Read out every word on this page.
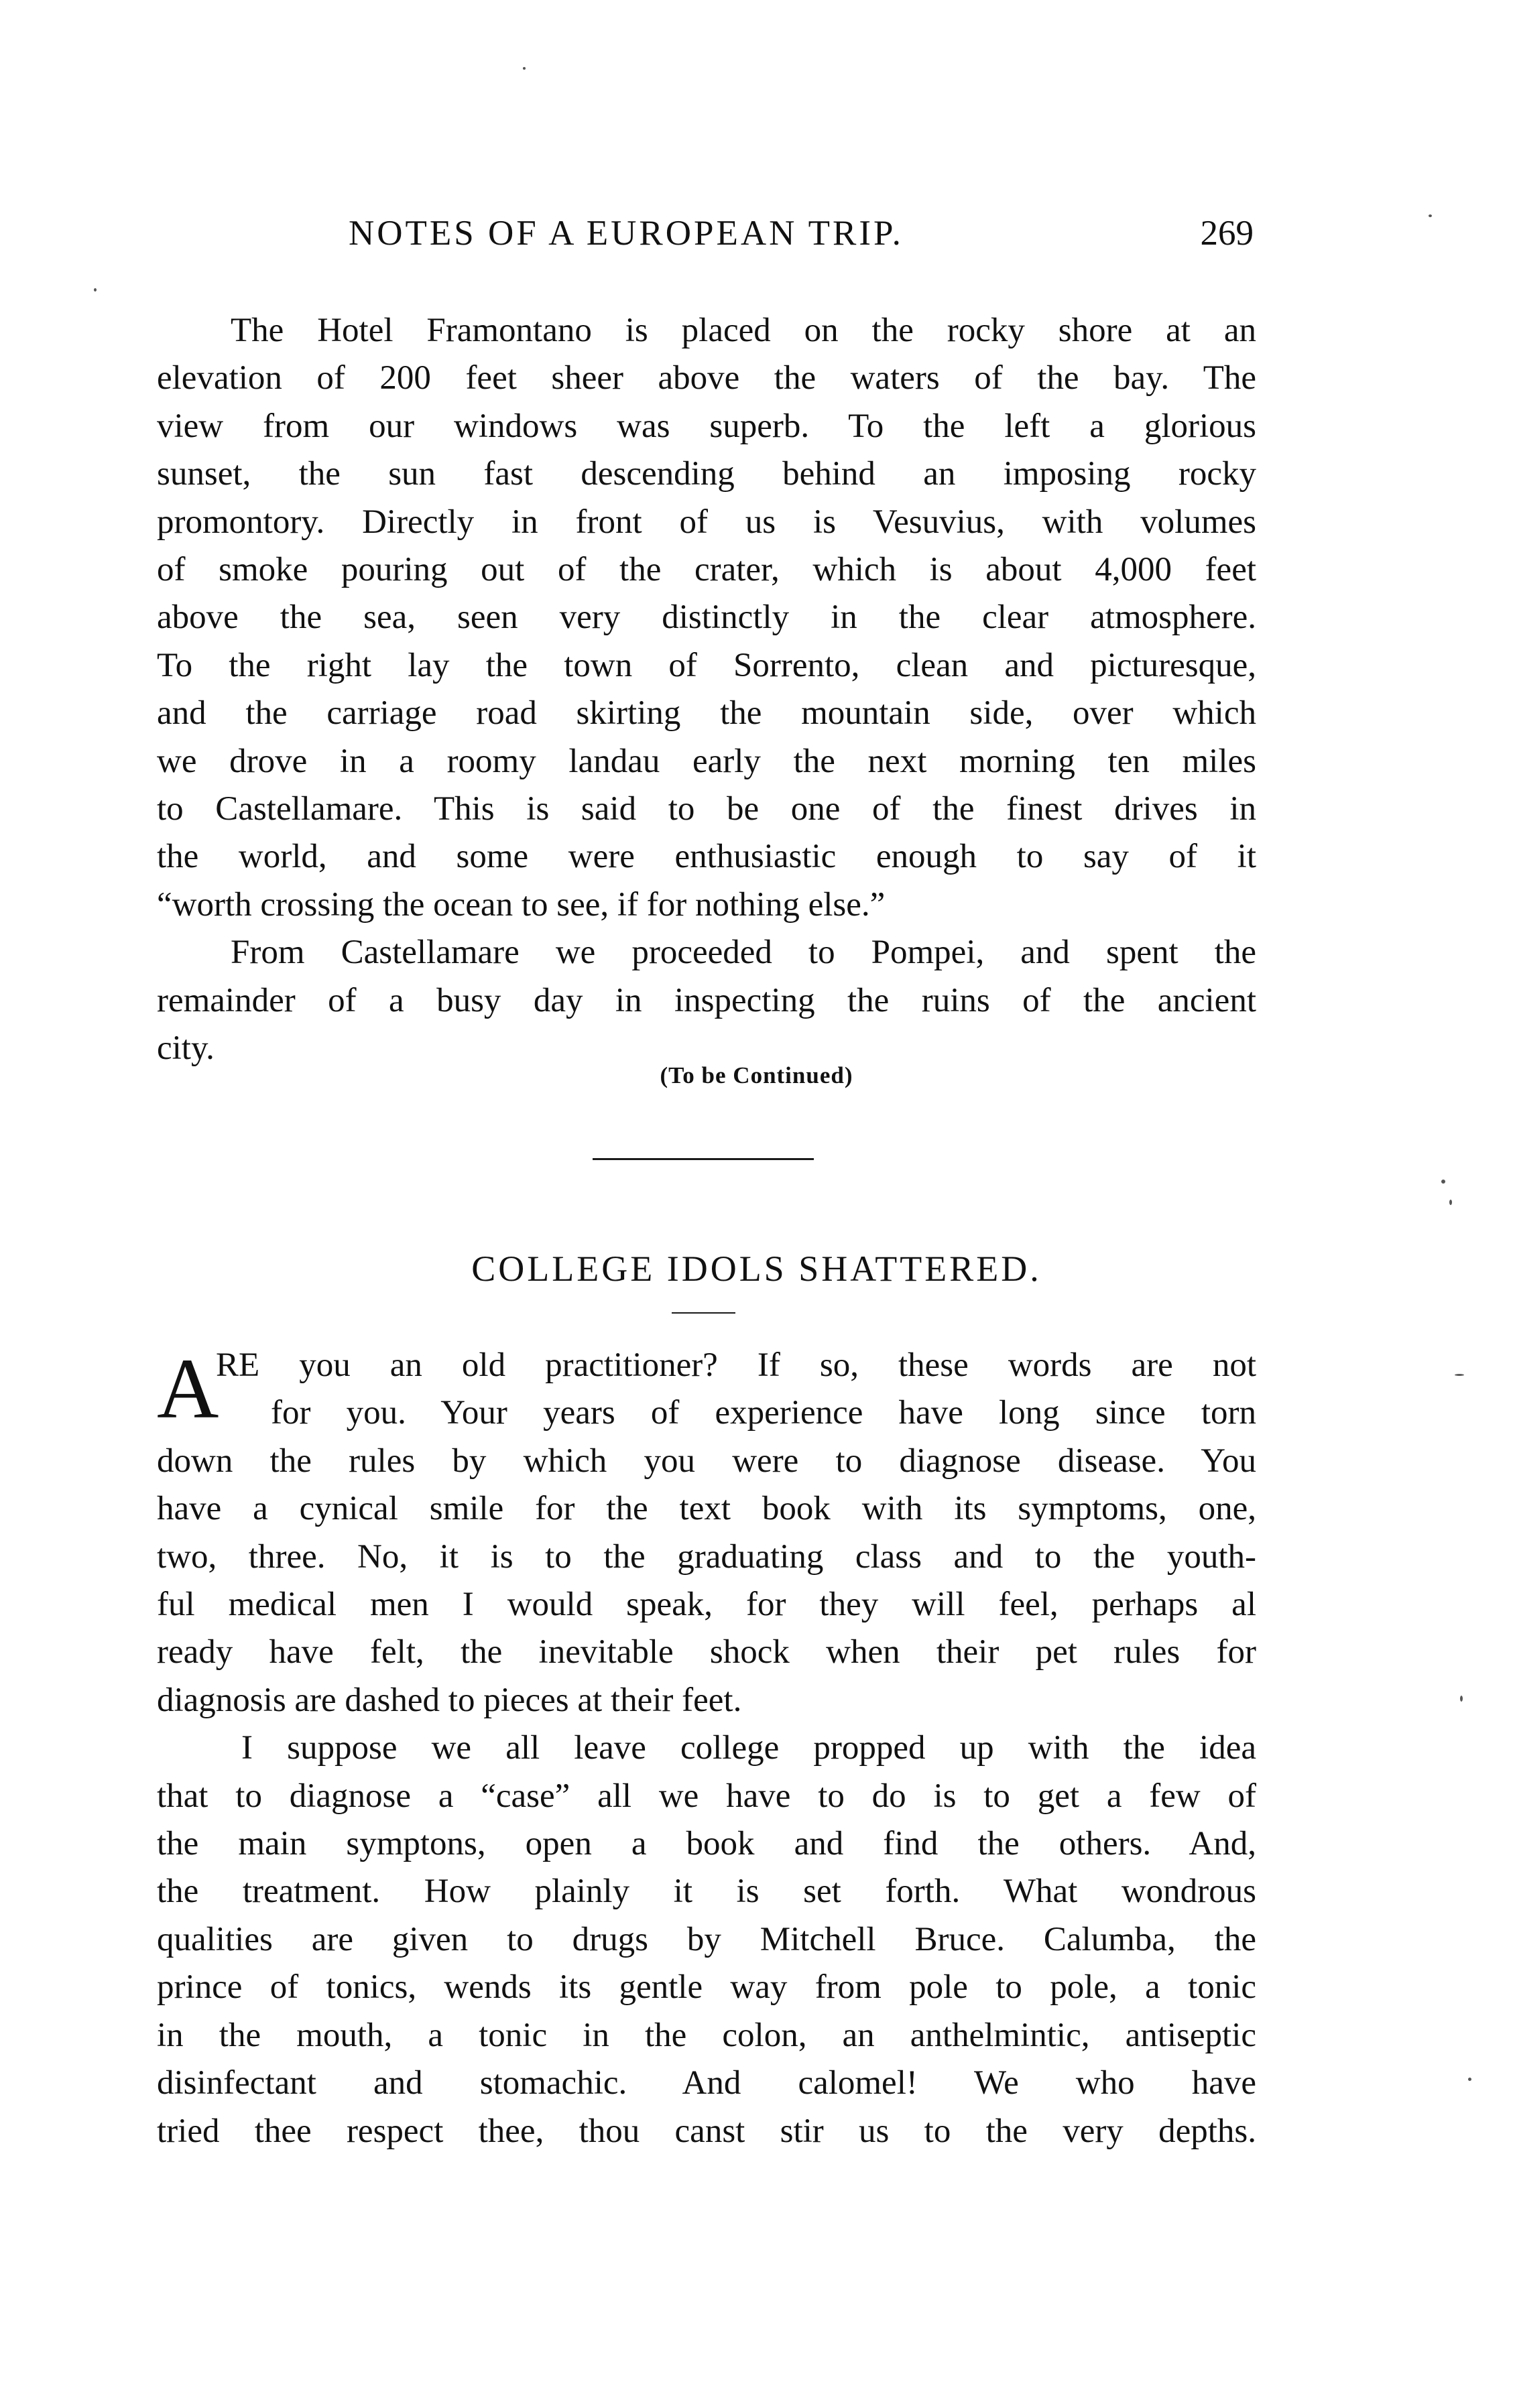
NOTES OF A EUROPEAN TRIP.	269

The Hotel Framontano is placed on the rocky shore at an
elevation of 200 feet sheer above the waters of the bay. The
view from our windows was superb. To the left a glorious
sunset, the sun fast descending behind an imposing rocky
promontory. Directly in front of us is Vesuvius, with volumes
of smoke pouring out of the crater, which is about 4,000 feet
above the sea, seen very distinctly in the clear atmosphere.
To the right lay the town of Sorrento, clean and picturesque,
and the carriage road skirting the mountain side, over which
we drove in a roomy landau early the next morning ten miles
to Castellamare. This is said to be one of the finest drives in
the world, and some were enthusiastic enough to say of it
“worth crossing the ocean to see, if for nothing else.”

From Castellamare we proceeded to Pompei, and spent the
remainder of a busy day in inspecting the ruins of the ancient
city.

(To be Continued)
COLLEGE IDOLS SHATTERED.
A

RE you an old practitioner? If so, these words are not
for you. Your years of experience have long since torn
down the rules by which you were to diagnose disease. You
have a cynical smile for the text book with its symptoms, one,
two, three. No, it is to the graduating class and to the youth-
ful medical men I would speak, for they will feel, perhaps al
ready have felt, the inevitable shock when their pet rules for
diagnosis are dashed to pieces at their feet.

I suppose we all leave college propped up with the idea
that to diagnose a “case” all we have to do is to get a few of
the main symptons, open a book and find the others. And,
the treatment. How plainly it is set forth. What wondrous
qualities are given to drugs by Mitchell Bruce. Calumba, the
prince of tonics, wends its gentle way from pole to pole, a tonic
in the mouth, a tonic in the colon, an anthelmintic, antiseptic
disinfectant and stomachic. And calomel! We who have
tried thee respect thee, thou canst stir us to the very depths.
